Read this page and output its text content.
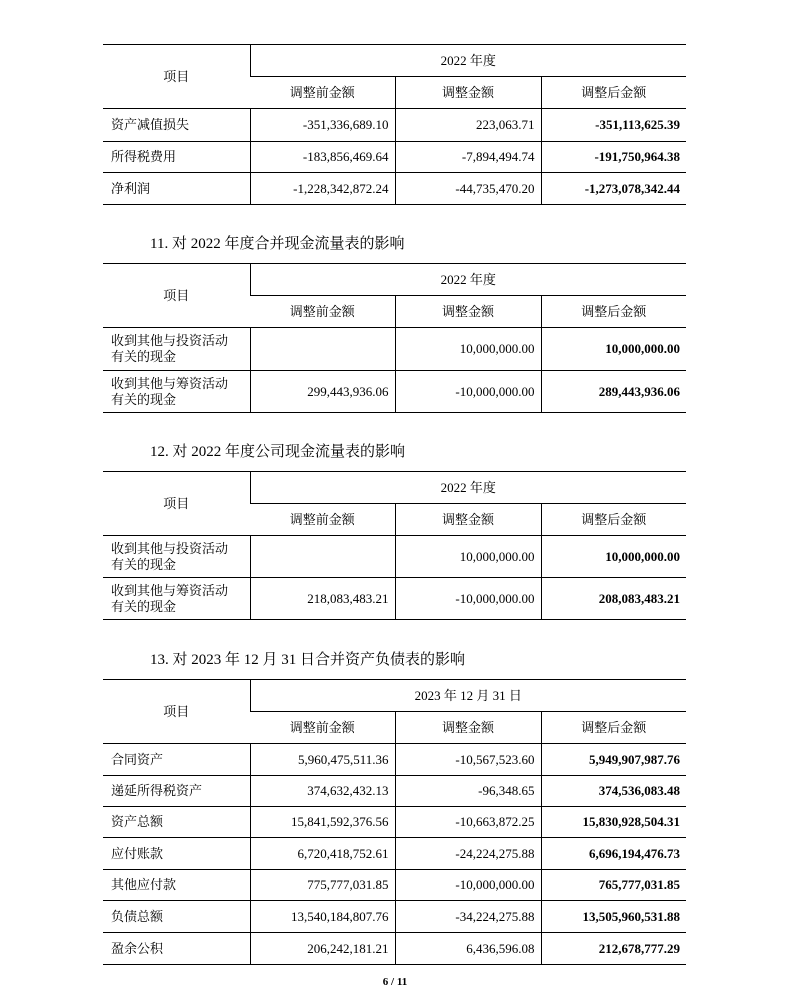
项目	2022 年度		
	调整前金额	调整金额	调整后金额
资产减值损失	-351,336,689.10	223,063.71	-351,113,625.39
所得税费用	-183,856,469.64	-7,894,494.74	-191,750,964.38
净利润	-1,228,342,872.24	-44,735,470.20	-1,273,078,342.44
11. 对 2022 年度合并现金流量表的影响
项目	2022 年度		
	调整前金额	调整金额	调整后金额

收到其他与投资活动
有关的现金		10,000,000.00	10,000,000.00

收到其他与筹资活动
有关的现金	299,443,936.06	-10,000,000.00	289,443,936.06
12. 对 2022 年度公司现金流量表的影响
项目	2022 年度		
	调整前金额	调整金额	调整后金额

收到其他与投资活动
有关的现金		10,000,000.00	10,000,000.00

收到其他与筹资活动
有关的现金	218,083,483.21	-10,000,000.00	208,083,483.21
13. 对 2023 年 12 月 31 日合并资产负债表的影响
项目	2023 年 12 月 31 日		
	调整前金额	调整金额	调整后金额
合同资产	5,960,475,511.36	-10,567,523.60	5,949,907,987.76
递延所得税资产	374,632,432.13	-96,348.65	374,536,083.48
资产总额	15,841,592,376.56	-10,663,872.25	15,830,928,504.31
应付账款	6,720,418,752.61	-24,224,275.88	6,696,194,476.73
其他应付款	775,777,031.85	-10,000,000.00	765,777,031.85
负债总额	13,540,184,807.76	-34,224,275.88	13,505,960,531.88
盈余公积	206,242,181.21	6,436,596.08	212,678,777.29
6 / 11
